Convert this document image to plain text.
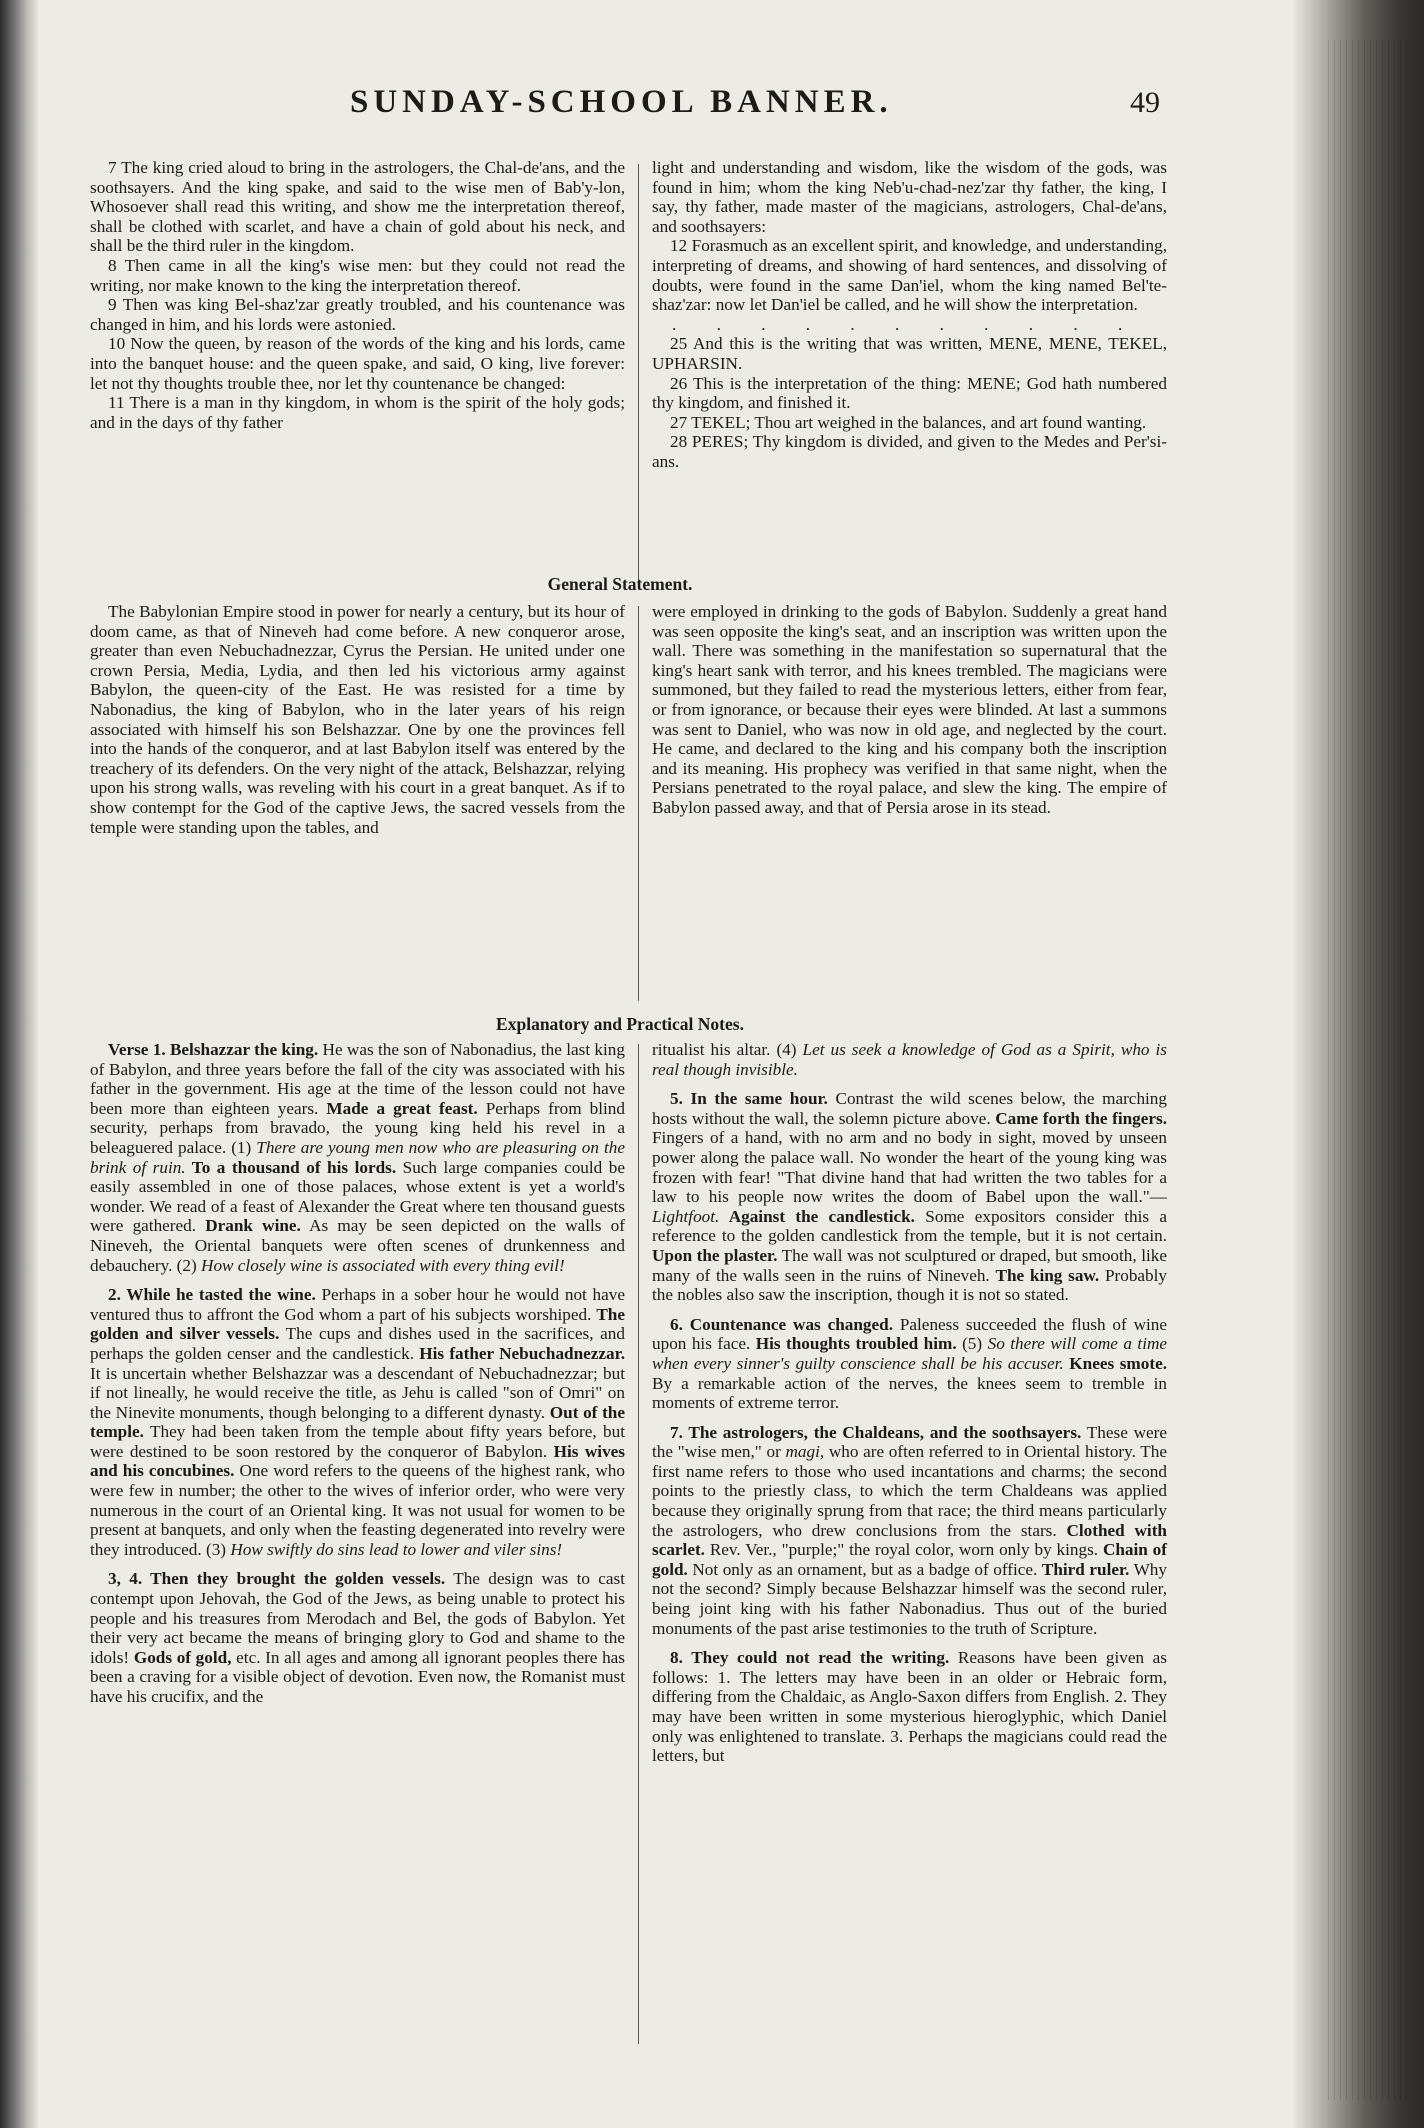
SUNDAY-SCHOOL BANNER.	49

7 The king cried aloud to bring in the astrologers, the Chal-de'ans, and the soothsayers. And the king spake, and said to the wise men of Bab'y-lon, Whosoever shall read this writing, and show me the interpretation thereof, shall be clothed with scarlet, and have a chain of gold about his neck, and shall be the third ruler in the kingdom.

8 Then came in all the king's wise men: but they could not read the writing, nor make known to the king the interpretation thereof.

9 Then was king Bel-shaz'zar greatly troubled, and his countenance was changed in him, and his lords were astonied.

10 Now the queen, by reason of the words of the king and his lords, came into the banquet house: and the queen spake, and said, O king, live forever: let not thy thoughts trouble thee, nor let thy countenance be changed:

11 There is a man in thy kingdom, in whom is the spirit of the holy gods; and in the days of thy father

light and understanding and wisdom, like the wisdom of the gods, was found in him; whom the king Neb'u-chad-nez'zar thy father, the king, I say, thy father, made master of the magicians, astrologers, Chal-de'ans, and soothsayers:

12 Forasmuch as an excellent spirit, and knowledge, and understanding, interpreting of dreams, and showing of hard sentences, and dissolving of doubts, were found in the same Dan'iel, whom the king named Bel'te-shaz'zar: now let Dan'iel be called, and he will show the interpretation.

. . . . . . . . . . .

25 And this is the writing that was written, MENE, MENE, TEKEL, UPHARSIN.

26 This is the interpretation of the thing: MENE; God hath numbered thy kingdom, and finished it.

27 TEKEL; Thou art weighed in the balances, and art found wanting.

28 PERES; Thy kingdom is divided, and given to the Medes and Per'si-ans.

General Statement.

The Babylonian Empire stood in power for nearly a century, but its hour of doom came, as that of Nineveh had come before. A new conqueror arose, greater than even Nebuchadnezzar, Cyrus the Persian. He united under one crown Persia, Media, Lydia, and then led his victorious army against Babylon, the queen-city of the East. He was resisted for a time by Nabonadius, the king of Babylon, who in the later years of his reign associated with himself his son Belshazzar. One by one the provinces fell into the hands of the conqueror, and at last Babylon itself was entered by the treachery of its defenders. On the very night of the attack, Belshazzar, relying upon his strong walls, was reveling with his court in a great banquet. As if to show contempt for the God of the captive Jews, the sacred vessels from the temple were standing upon the tables, and

were employed in drinking to the gods of Babylon. Suddenly a great hand was seen opposite the king's seat, and an inscription was written upon the wall. There was something in the manifestation so supernatural that the king's heart sank with terror, and his knees trembled. The magicians were summoned, but they failed to read the mysterious letters, either from fear, or from ignorance, or because their eyes were blinded. At last a summons was sent to Daniel, who was now in old age, and neglected by the court. He came, and declared to the king and his company both the inscription and its meaning. His prophecy was verified in that same night, when the Persians penetrated to the royal palace, and slew the king. The empire of Babylon passed away, and that of Persia arose in its stead.

Explanatory and Practical Notes.

Verse 1. Belshazzar the king. He was the son of Nabonadius, the last king of Babylon, and three years before the fall of the city was associated with his father in the government. His age at the time of the lesson could not have been more than eighteen years. Made a great feast. Perhaps from blind security, perhaps from bravado, the young king held his revel in a beleaguered palace. (1) There are young men now who are pleasuring on the brink of ruin. To a thousand of his lords. Such large companies could be easily assembled in one of those palaces, whose extent is yet a world's wonder. We read of a feast of Alexander the Great where ten thousand guests were gathered. Drank wine. As may be seen depicted on the walls of Nineveh, the Oriental banquets were often scenes of drunkenness and debauchery. (2) How closely wine is associated with every thing evil!

2. While he tasted the wine. Perhaps in a sober hour he would not have ventured thus to affront the God whom a part of his subjects worshiped. The golden and silver vessels. The cups and dishes used in the sacrifices, and perhaps the golden censer and the candlestick. His father Nebuchadnezzar. It is uncertain whether Belshazzar was a descendant of Nebuchadnezzar; but if not lineally, he would receive the title, as Jehu is called "son of Omri" on the Ninevite monuments, though belonging to a different dynasty. Out of the temple. They had been taken from the temple about fifty years before, but were destined to be soon restored by the conqueror of Babylon. His wives and his concubines. One word refers to the queens of the highest rank, who were few in number; the other to the wives of inferior order, who were very numerous in the court of an Oriental king. It was not usual for women to be present at banquets, and only when the feasting degenerated into revelry were they introduced. (3) How swiftly do sins lead to lower and viler sins!

3, 4. Then they brought the golden vessels. The design was to cast contempt upon Jehovah, the God of the Jews, as being unable to protect his people and his treasures from Merodach and Bel, the gods of Babylon. Yet their very act became the means of bringing glory to God and shame to the idols! Gods of gold, etc. In all ages and among all ignorant peoples there has been a craving for a visible object of devotion. Even now, the Romanist must have his crucifix, and the

ritualist his altar. (4) Let us seek a knowledge of God as a Spirit, who is real though invisible.

5. In the same hour. Contrast the wild scenes below, the marching hosts without the wall, the solemn picture above. Came forth the fingers. Fingers of a hand, with no arm and no body in sight, moved by unseen power along the palace wall. No wonder the heart of the young king was frozen with fear! "That divine hand that had written the two tables for a law to his people now writes the doom of Babel upon the wall."—Lightfoot. Against the candlestick. Some expositors consider this a reference to the golden candlestick from the temple, but it is not certain. Upon the plaster. The wall was not sculptured or draped, but smooth, like many of the walls seen in the ruins of Nineveh. The king saw. Probably the nobles also saw the inscription, though it is not so stated.

6. Countenance was changed. Paleness succeeded the flush of wine upon his face. His thoughts troubled him. (5) So there will come a time when every sinner's guilty conscience shall be his accuser. Knees smote. By a remarkable action of the nerves, the knees seem to tremble in moments of extreme terror.

7. The astrologers, the Chaldeans, and the soothsayers. These were the "wise men," or magi, who are often referred to in Oriental history. The first name refers to those who used incantations and charms; the second points to the priestly class, to which the term Chaldeans was applied because they originally sprung from that race; the third means particularly the astrologers, who drew conclusions from the stars. Clothed with scarlet. Rev. Ver., "purple;" the royal color, worn only by kings. Chain of gold. Not only as an ornament, but as a badge of office. Third ruler. Why not the second? Simply because Belshazzar himself was the second ruler, being joint king with his father Nabonadius. Thus out of the buried monuments of the past arise testimonies to the truth of Scripture.

8. They could not read the writing. Reasons have been given as follows: 1. The letters may have been in an older or Hebraic form, differing from the Chaldaic, as Anglo-Saxon differs from English. 2. They may have been written in some mysterious hieroglyphic, which Daniel only was enlightened to translate. 3. Perhaps the magicians could read the letters, but
